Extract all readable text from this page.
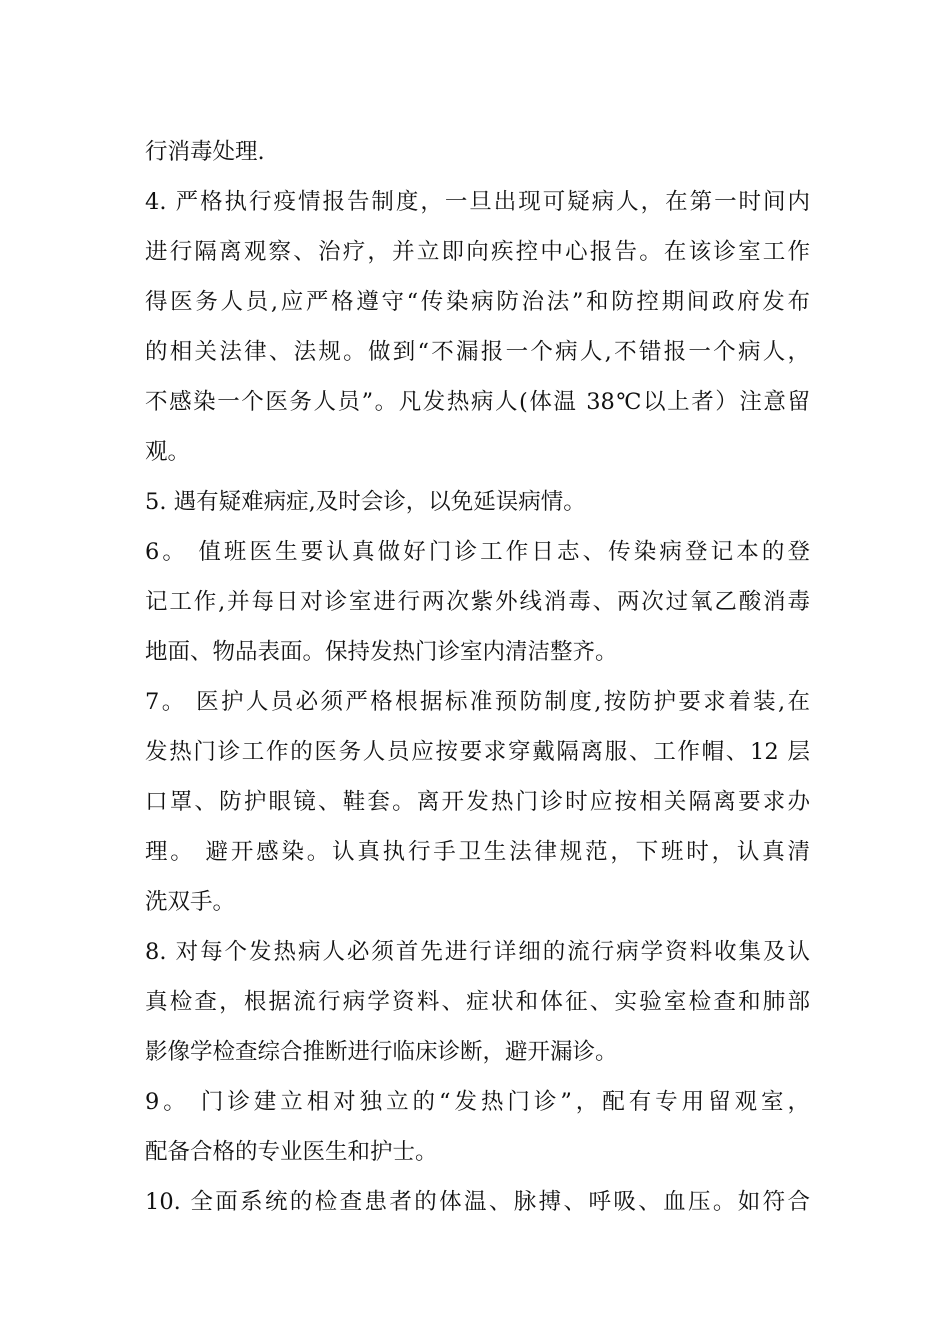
行消毒处理.
4. 严格执行疫情报告制度，一旦出现可疑病人，在第一时间内
进行隔离观察、治疗，并立即向疾控中心报告。在该诊室工作
得医务人员,应严格遵守“传染病防治法”和防控期间政府发布
的相关法律、法规。做到“不漏报一个病人,不错报一个病人，
不感染一个医务人员”。凡发热病人(体温 38℃以上者）注意留
观。
5. 遇有疑难病症,及时会诊，以免延误病情。
6。 值班医生要认真做好门诊工作日志、传染病登记本的登
记工作,并每日对诊室进行两次紫外线消毒、两次过氧乙酸消毒
地面、物品表面。保持发热门诊室内清洁整齐。
7。 医护人员必须严格根据标准预防制度,按防护要求着装,在
发热门诊工作的医务人员应按要求穿戴隔离服、工作帽、12 层
口罩、防护眼镜、鞋套。离开发热门诊时应按相关隔离要求办
理。 避开感染。认真执行手卫生法律规范，下班时，认真清
洗双手。
8. 对每个发热病人必须首先进行详细的流行病学资料收集及认
真检查，根据流行病学资料、症状和体征、实验室检查和肺部
影像学检查综合推断进行临床诊断，避开漏诊。
9。 门诊建立相对独立的“发热门诊”，配有专用留观室，
配备合格的专业医生和护士。
10. 全面系统的检查患者的体温、脉搏、呼吸、血压。如符合
